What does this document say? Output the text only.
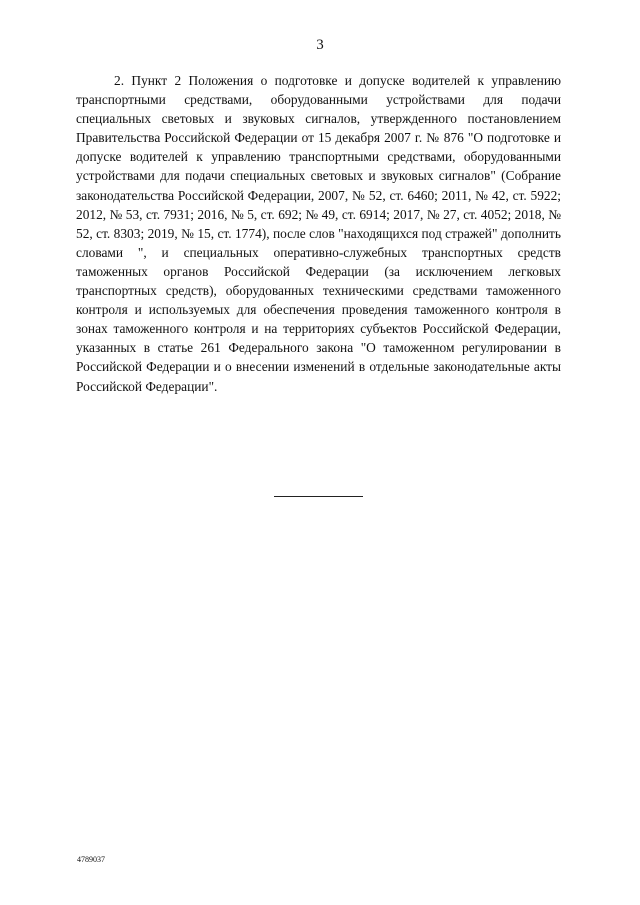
3

2. Пункт 2 Положения о подготовке и допуске водителей к управлению транспортными средствами, оборудованными устройствами для подачи специальных световых и звуковых сигналов, утвержденного постановлением Правительства Российской Федерации от 15 декабря 2007 г. № 876 "О подготовке и допуске водителей к управлению транспортными средствами, оборудованными устройствами для подачи специальных световых и звуковых сигналов" (Собрание законодательства Российской Федерации, 2007, № 52, ст. 6460; 2011, № 42, ст. 5922; 2012, № 53, ст. 7931; 2016, № 5, ст. 692; № 49, ст. 6914; 2017, № 27, ст. 4052; 2018, № 52, ст. 8303; 2019, № 15, ст. 1774), после слов "находящихся под стражей" дополнить словами ", и специальных оперативно-служебных транспортных средств таможенных органов Российской Федерации (за исключением легковых транспортных средств), оборудованных техническими средствами таможенного контроля и используемых для обеспечения проведения таможенного контроля в зонах таможенного контроля и на территориях субъектов Российской Федерации, указанных в статье 261 Федерального закона "О таможенном регулировании в Российской Федерации и о внесении изменений в отдельные законодательные акты Российской Федерации".

4789037
